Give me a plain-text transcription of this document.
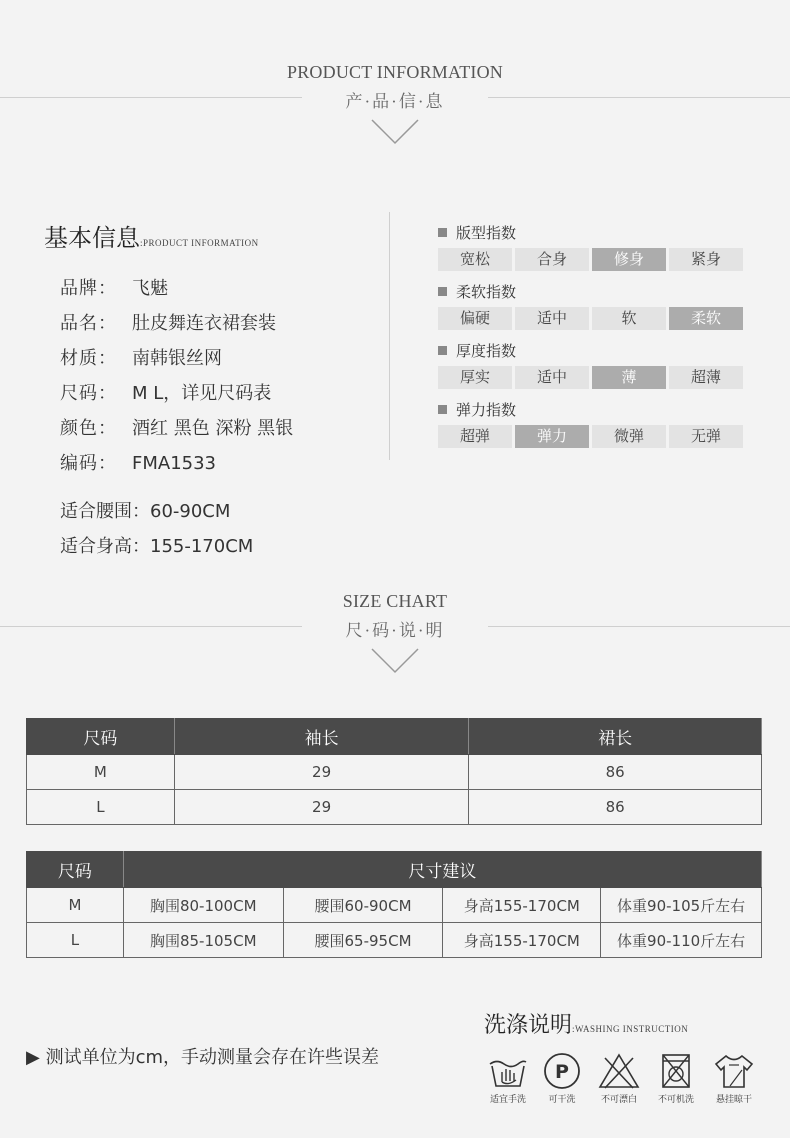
PRODUCT INFORMATION
产·品·信·息
基本信息:PRODUCT INFORMATION
品牌： 飞魅
品名： 肚皮舞连衣裙套装
材质： 南韩银丝网
尺码： M L，详见尺码表
颜色： 酒红 黑色 深粉 黑银
编码： FMA1533
适合腰围：60-90CM
适合身高：155-170CM
版型指数
宽松	合身	修身	紧身
柔软指数
偏硬	适中	软	柔软
厚度指数
厚实	适中	薄	超薄
弹力指数
超弹	弹力	微弹	无弹
SIZE CHART
尺·码·说·明
尺码	袖长	裙长
M	29	86
L	29	86
尺码	尺寸建议			
M	胸围80-100CM	腰围60-90CM	身高155-170CM	体重90-105斤左右
L	胸围85-105CM	腰围65-95CM	身高155-170CM	体重90-110斤左右
▶ 测试单位为cm，手动测量会存在许些误差
洗涤说明:WASHING INSTRUCTION
适宜手洗
P
可干洗	不可漂白	不可机洗	悬挂晾干
